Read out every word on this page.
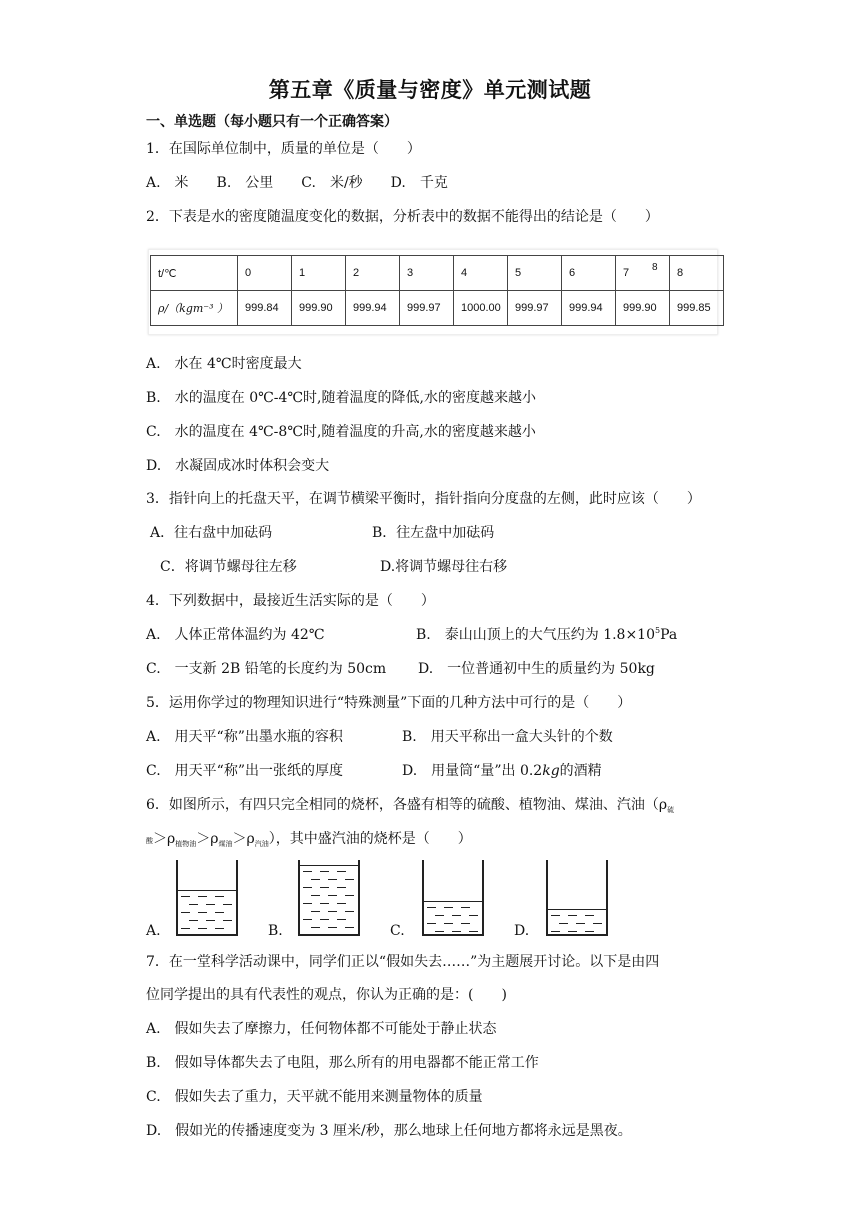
第五章《质量与密度》单元测试题
一、单选题（每小题只有一个正确答案）
1．在国际单位制中，质量的单位是（　　）
A.　米　　B.　公里　　C.　米/秒　　D.　千克
2．下表是水的密度随温度变化的数据，分析表中的数据不能得出的结论是（　　）
t/℃	0	1	2	3	4	5	6	7 8	8
ρ/（kgm⁻³ ）	999.84	999.90	999.94	999.97	1000.00	999.97	999.94	999.90	999.85
A.　水在 4℃时密度最大
B.　水的温度在 0℃-4℃时,随着温度的降低,水的密度越来越小
C.　水的温度在 4℃-8℃时,随着温度的升高,水的密度越来越小
D.　水凝固成冰时体积会变大
3．指针向上的托盘天平，在调节横梁平衡时，指针指向分度盘的左侧，此时应该（　　）
A．往右盘中加砝码	B．往左盘中加砝码
C．将调节螺母往左移	D.将调节螺母往右移
4．下列数据中，最接近生活实际的是（　　）
A.　人体正常体温约为 42℃	B.　泰山山顶上的大气压约为 $1.8\times 10^5Pa$
C.　一支新 2B 铅笔的长度约为 50cm D.　一位普通初中生的质量约为 50kg
5．运用你学过的物理知识进行“特殊测量”下面的几种方法中可行的是（　　）
A.　用天平“称”出墨水瓶的容积	B.　用天平称出一盒大头针的个数
C.　用天平“称”出一张纸的厚度	D.　用量筒“量”出 0.2kg的酒精
6．如图所示，有四只完全相同的烧杯，各盛有相等的硫酸、植物油、煤油、汽油（$\rho_硫$
酸$>\rho_{植物油}>\rho_{煤油}>\rho_{汽油}$），其中盛汽油的烧杯是（　　）
A.	B.	C.	D.
7．在一堂科学活动课中，同学们正以“假如失去……”为主题展开讨论。以下是由四
位同学提出的具有代表性的观点，你认为正确的是：(　　)
A.　假如失去了摩擦力，任何物体都不可能处于静止状态
B.　假如导体都失去了电阻，那么所有的用电器都不能正常工作
C.　假如失去了重力，天平就不能用来测量物体的质量
D.　假如光的传播速度变为 3 厘米/秒，那么地球上任何地方都将永远是黑夜。
